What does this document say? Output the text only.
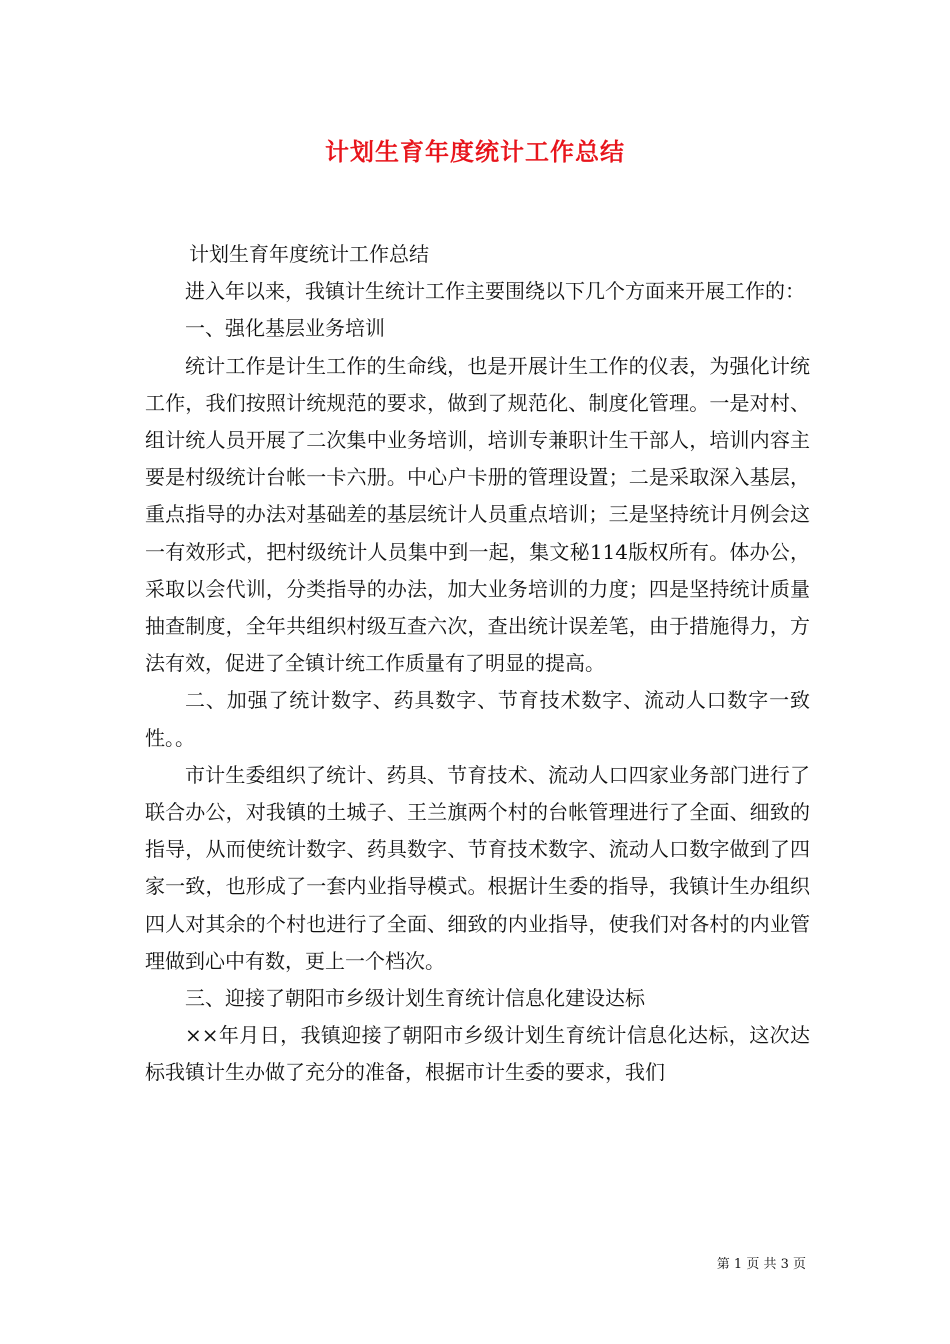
计划生育年度统计工作总结

计划生育年度统计工作总结

进入年以来，我镇计生统计工作主要围绕以下几个方面来开展工作的：

一、强化基层业务培训

统计工作是计生工作的生命线，也是开展计生工作的仪表，为强化计统工作，我们按照计统规范的要求，做到了规范化、制度化管理。一是对村、组计统人员开展了二次集中业务培训，培训专兼职计生干部人，培训内容主要是村级统计台帐一卡六册。中心户卡册的管理设置；二是采取深入基层，重点指导的办法对基础差的基层统计人员重点培训；三是坚持统计月例会这一有效形式，把村级统计人员集中到一起，集文秘114版权所有。体办公，采取以会代训，分类指导的办法，加大业务培训的力度；四是坚持统计质量抽查制度，全年共组织村级互查六次，查出统计误差笔，由于措施得力，方法有效，促进了全镇计统工作质量有了明显的提高。

二、加强了统计数字、药具数字、节育技术数字、流动人口数字一致性。。

市计生委组织了统计、药具、节育技术、流动人口四家业务部门进行了联合办公，对我镇的土城子、王兰旗两个村的台帐管理进行了全面、细致的指导，从而使统计数字、药具数字、节育技术数字、流动人口数字做到了四家一致，也形成了一套内业指导模式。根据计生委的指导，我镇计生办组织四人对其余的个村也进行了全面、细致的内业指导，使我们对各村的内业管理做到心中有数，更上一个档次。

三、迎接了朝阳市乡级计划生育统计信息化建设达标

××年月日，我镇迎接了朝阳市乡级计划生育统计信息化达标，这次达标我镇计生办做了充分的准备，根据市计生委的要求，我们

第 1 页 共 3 页
